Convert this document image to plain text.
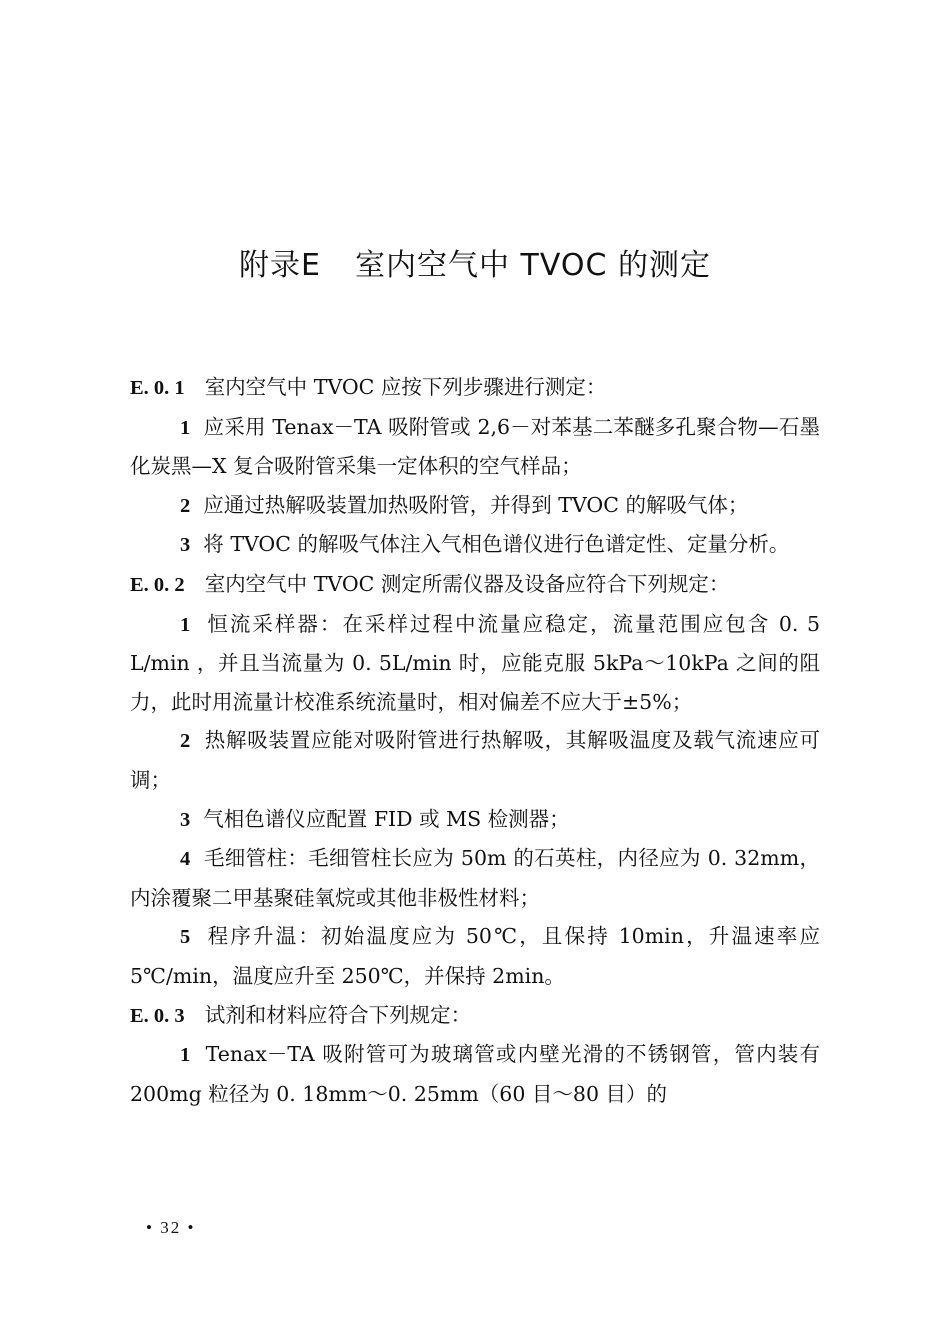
附录E 室内空气中 TVOC 的测定

E. 0. 1 室内空气中 TVOC 应按下列步骤进行测定：

1 应采用 Tenax－TA 吸附管或 2,6－对苯基二苯醚多孔聚合物—石墨化炭黑—X 复合吸附管采集一定体积的空气样品；

2 应通过热解吸装置加热吸附管，并得到 TVOC 的解吸气体；

3 将 TVOC 的解吸气体注入气相色谱仪进行色谱定性、定量分析。

E. 0. 2 室内空气中 TVOC 测定所需仪器及设备应符合下列规定：

1 恒流采样器：在采样过程中流量应稳定，流量范围应包含 0. 5 L/min ，并且当流量为 0. 5L/min 时，应能克服 5kPa～10kPa 之间的阻力，此时用流量计校准系统流量时，相对偏差不应大于±5%；

2 热解吸装置应能对吸附管进行热解吸，其解吸温度及载气流速应可调；

3 气相色谱仪应配置 FID 或 MS 检测器；

4 毛细管柱：毛细管柱长应为 50m 的石英柱，内径应为 0. 32mm，内涂覆聚二甲基聚硅氧烷或其他非极性材料；

5 程序升温：初始温度应为 50℃，且保持 10min，升温速率应 5℃/min，温度应升至 250℃，并保持 2min。

E. 0. 3 试剂和材料应符合下列规定：

1 Tenax－TA 吸附管可为玻璃管或内壁光滑的不锈钢管，管内装有 200mg 粒径为 0. 18mm～0. 25mm（60 目～80 目）的

• 32 •
